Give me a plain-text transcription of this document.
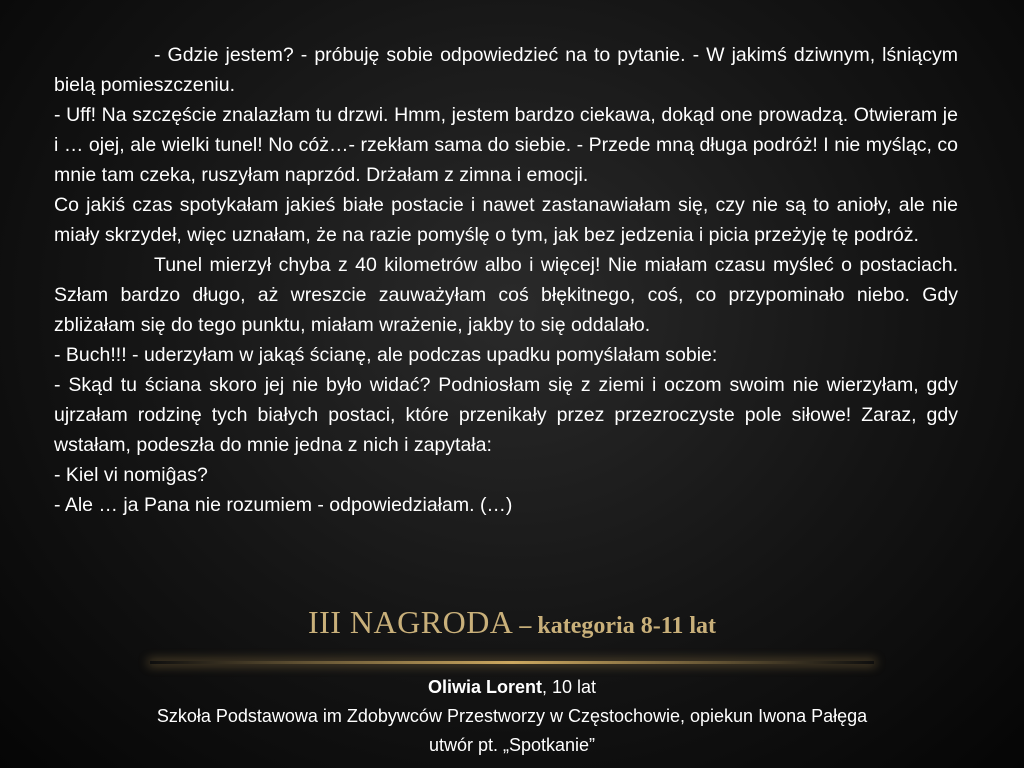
- Gdzie jestem? - próbuję sobie odpowiedzieć na to pytanie. - W jakimś dziwnym, lśniącym bielą pomieszczeniu.

- Uff! Na szczęście znalazłam tu drzwi. Hmm, jestem bardzo ciekawa, dokąd one prowadzą. Otwieram je i … ojej, ale wielki tunel! No cóż…- rzekłam sama do siebie. - Przede mną długa podróż! I nie myśląc, co mnie tam czeka, ruszyłam naprzód. Drżałam z zimna i emocji.

Co jakiś czas spotykałam jakieś białe postacie i nawet zastanawiałam się, czy nie są to anioły, ale nie miały skrzydeł, więc uznałam, że na razie pomyślę o tym, jak bez jedzenia i picia przeżyję tę podróż.

Tunel mierzył chyba z 40 kilometrów albo i więcej! Nie miałam czasu myśleć o postaciach. Szłam bardzo długo, aż wreszcie zauważyłam coś błękitnego, coś, co przypominało niebo. Gdy zbliżałam się do tego punktu, miałam wrażenie, jakby to się oddalało.

- Buch!!! - uderzyłam w jakąś ścianę, ale podczas upadku pomyślałam sobie:

- Skąd tu ściana skoro jej nie było widać? Podniosłam się z ziemi i oczom swoim nie wierzyłam, gdy ujrzałam rodzinę tych białych postaci, które przenikały przez przezroczyste pole siłowe! Zaraz, gdy wstałam, podeszła do mnie jedna z nich i zapytała:

- Kiel vi nomiĝas?

- Ale … ja Pana nie rozumiem - odpowiedziałam. (…)

III NAGRODA – kategoria 8-11 lat
Oliwia Lorent, 10 lat
Szkoła Podstawowa im Zdobywców Przestworzy w Częstochowie, opiekun Iwona Pałęga
utwór pt. „Spotkanie”
